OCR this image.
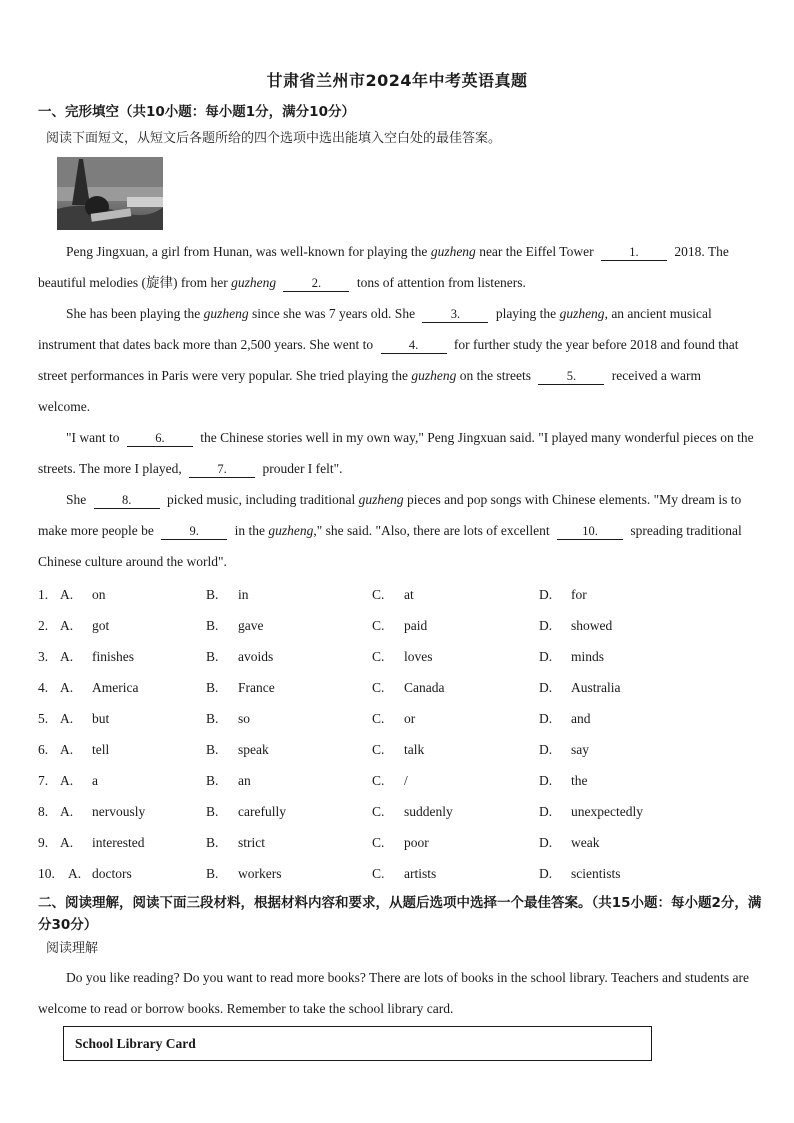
甘肃省兰州市2024年中考英语真题
一、完形填空（共10小题：每小题1分，满分10分）
阅读下面短文，从短文后各题所给的四个选项中选出能填入空白处的最佳答案。
Peng Jingxuan, a girl from Hunan, was well-known for playing the guzheng near the Eiffel Tower	1. 2018. The beautiful melodies (旋律) from her guzheng	2. tons of attention from listeners.
She has been playing the guzheng since she was 7 years old. She	3. playing the guzheng, an ancient musical instrument that dates back more than 2,500 years. She went to	4. for further study the year before 2018 and found that street performances in Paris were very popular. She tried playing the guzheng on the streets	5. received a warm welcome.
"I want to	6. the Chinese stories well in my own way," Peng Jingxuan said. "I played many wonderful pieces on the streets. The more I played,	7. prouder I felt".
She	8. picked music, including traditional guzheng pieces and pop songs with Chinese elements. "My dream is to make more people be	9. in the guzheng," she said. "Also, there are lots of excellent 10. spreading traditional Chinese culture around the world".
1. A. on	B. in	C. at	D. for
2. A. got	B. gave	C. paid	D. showed
3. A. finishes	B. avoids	C. loves	D. minds
4. A. America	B. France	C. Canada	D. Australia
5. A. but	B. so	C. or	D. and
6. A. tell	B. speak	C. talk	D. say
7. A. a	B. an	C. /	D. the
8. A. nervously	B. carefully	C. suddenly	D. unexpectedly
9. A. interested	B. strict	C. poor	D. weak
10. A. doctors	B. workers	C. artists	D. scientists
二、阅读理解，阅读下面三段材料，根据材料内容和要求，从题后选项中选择一个最佳答案。（共15小题：每小题2分，满分30分）
阅读理解
Do you like reading? Do you want to read more books? There are lots of books in the school library. Teachers and students are welcome to read or borrow books. Remember to take the school library card.
School Library Card
